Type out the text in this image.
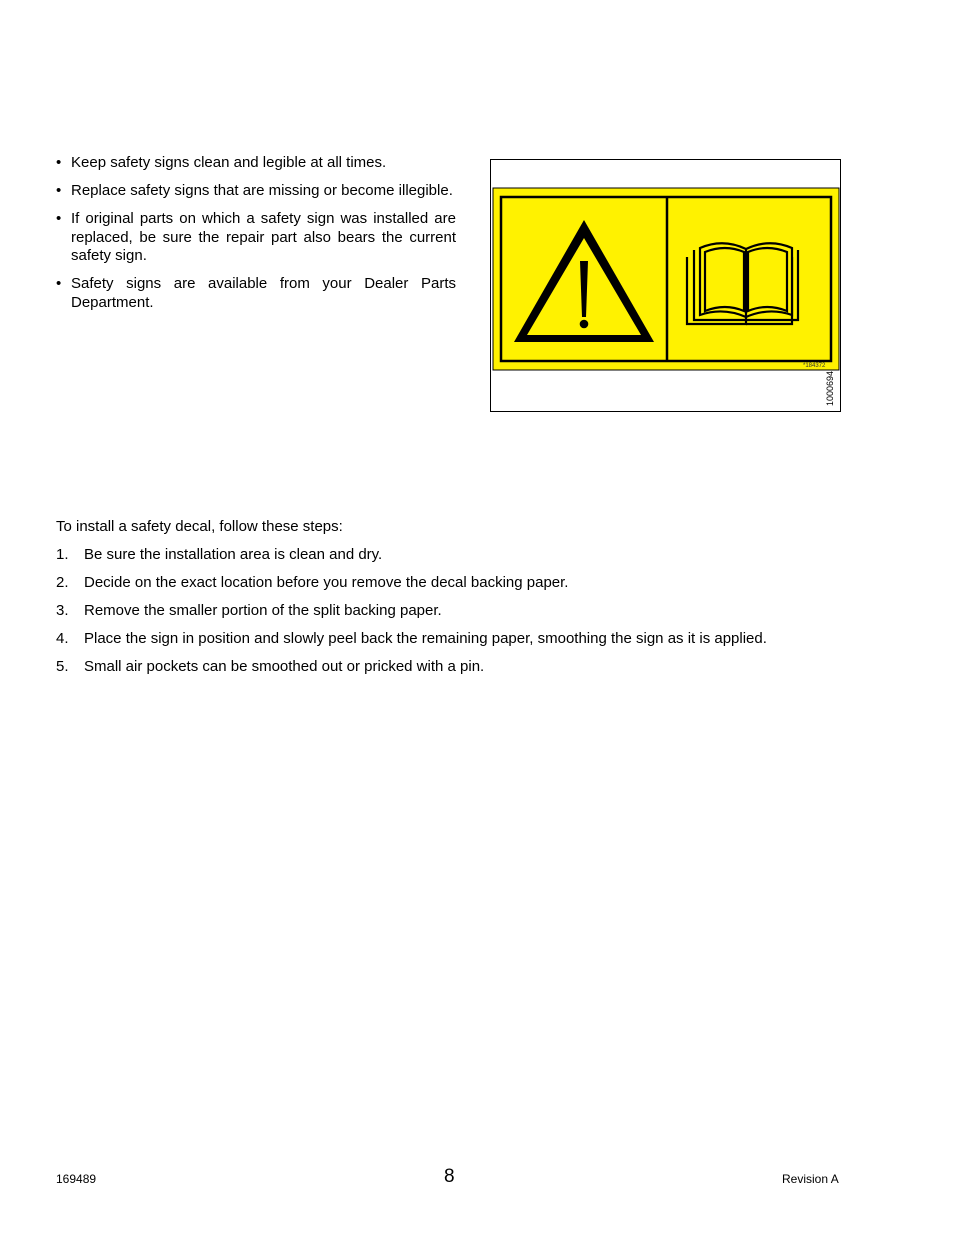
• Keep safety signs clean and legible at all times.
• Replace safety signs that are missing or become illegible.
• If original parts on which a safety sign was installed are replaced, be sure the repair part also bears the current safety sign.
• Safety signs are available from your Dealer Parts Department.
*184372
1000694

To install a safety decal, follow these steps:

1. Be sure the installation area is clean and dry.
2. Decide on the exact location before you remove the decal backing paper.
3. Remove the smaller portion of the split backing paper.
4. Place the sign in position and slowly peel back the remaining paper, smoothing the sign as it is applied.
5. Small air pockets can be smoothed out or pricked with a pin.
169489	8	Revision A
